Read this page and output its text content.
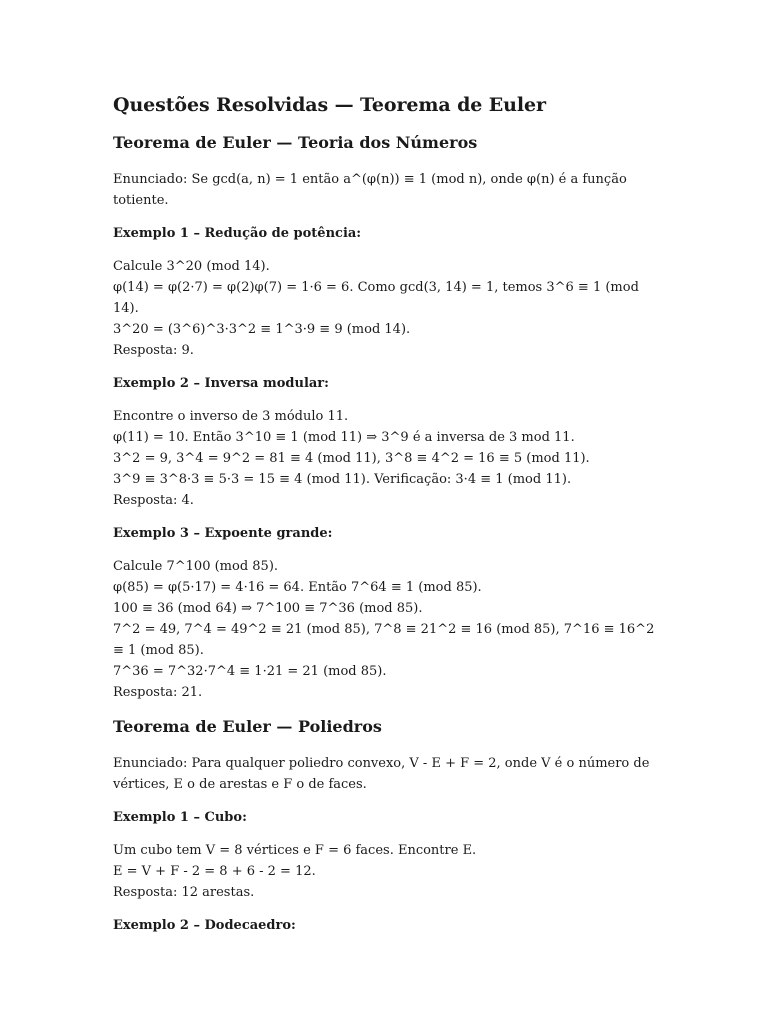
Questões Resolvidas — Teorema de Euler
Teorema de Euler — Teoria dos Números

Enunciado: Se gcd(a, n) = 1 então a^(φ(n)) ≡ 1 (mod n), onde φ(n) é a função totiente.

Exemplo 1 – Redução de potência:
Calcule 3^20 (mod 14).
φ(14) = φ(2·7) = φ(2)φ(7) = 1·6 = 6. Como gcd(3, 14) = 1, temos 3^6 ≡ 1 (mod 14).
3^20 = (3^6)^3·3^2 ≡ 1^3·9 ≡ 9 (mod 14).
Resposta: 9.
Exemplo 2 – Inversa modular:
Encontre o inverso de 3 módulo 11.
φ(11) = 10. Então 3^10 ≡ 1 (mod 11) ⇒ 3^9 é a inversa de 3 mod 11.
3^2 = 9, 3^4 = 9^2 = 81 ≡ 4 (mod 11), 3^8 ≡ 4^2 = 16 ≡ 5 (mod 11).
3^9 ≡ 3^8·3 ≡ 5·3 = 15 ≡ 4 (mod 11). Verificação: 3·4 ≡ 1 (mod 11).
Resposta: 4.
Exemplo 3 – Expoente grande:
Calcule 7^100 (mod 85).
φ(85) = φ(5·17) = 4·16 = 64. Então 7^64 ≡ 1 (mod 85).
100 ≡ 36 (mod 64) ⇒ 7^100 ≡ 7^36 (mod 85).
7^2 = 49, 7^4 = 49^2 ≡ 21 (mod 85), 7^8 ≡ 21^2 ≡ 16 (mod 85), 7^16 ≡ 16^2 ≡ 1 (mod 85).
7^36 = 7^32·7^4 ≡ 1·21 = 21 (mod 85).
Resposta: 21.
Teorema de Euler — Poliedros

Enunciado: Para qualquer poliedro convexo, V - E + F = 2, onde V é o número de vértices, E o de arestas e F o de faces.

Exemplo 1 – Cubo:
Um cubo tem V = 8 vértices e F = 6 faces. Encontre E.
E = V + F - 2 = 8 + 6 - 2 = 12.
Resposta: 12 arestas.
Exemplo 2 – Dodecaedro:
